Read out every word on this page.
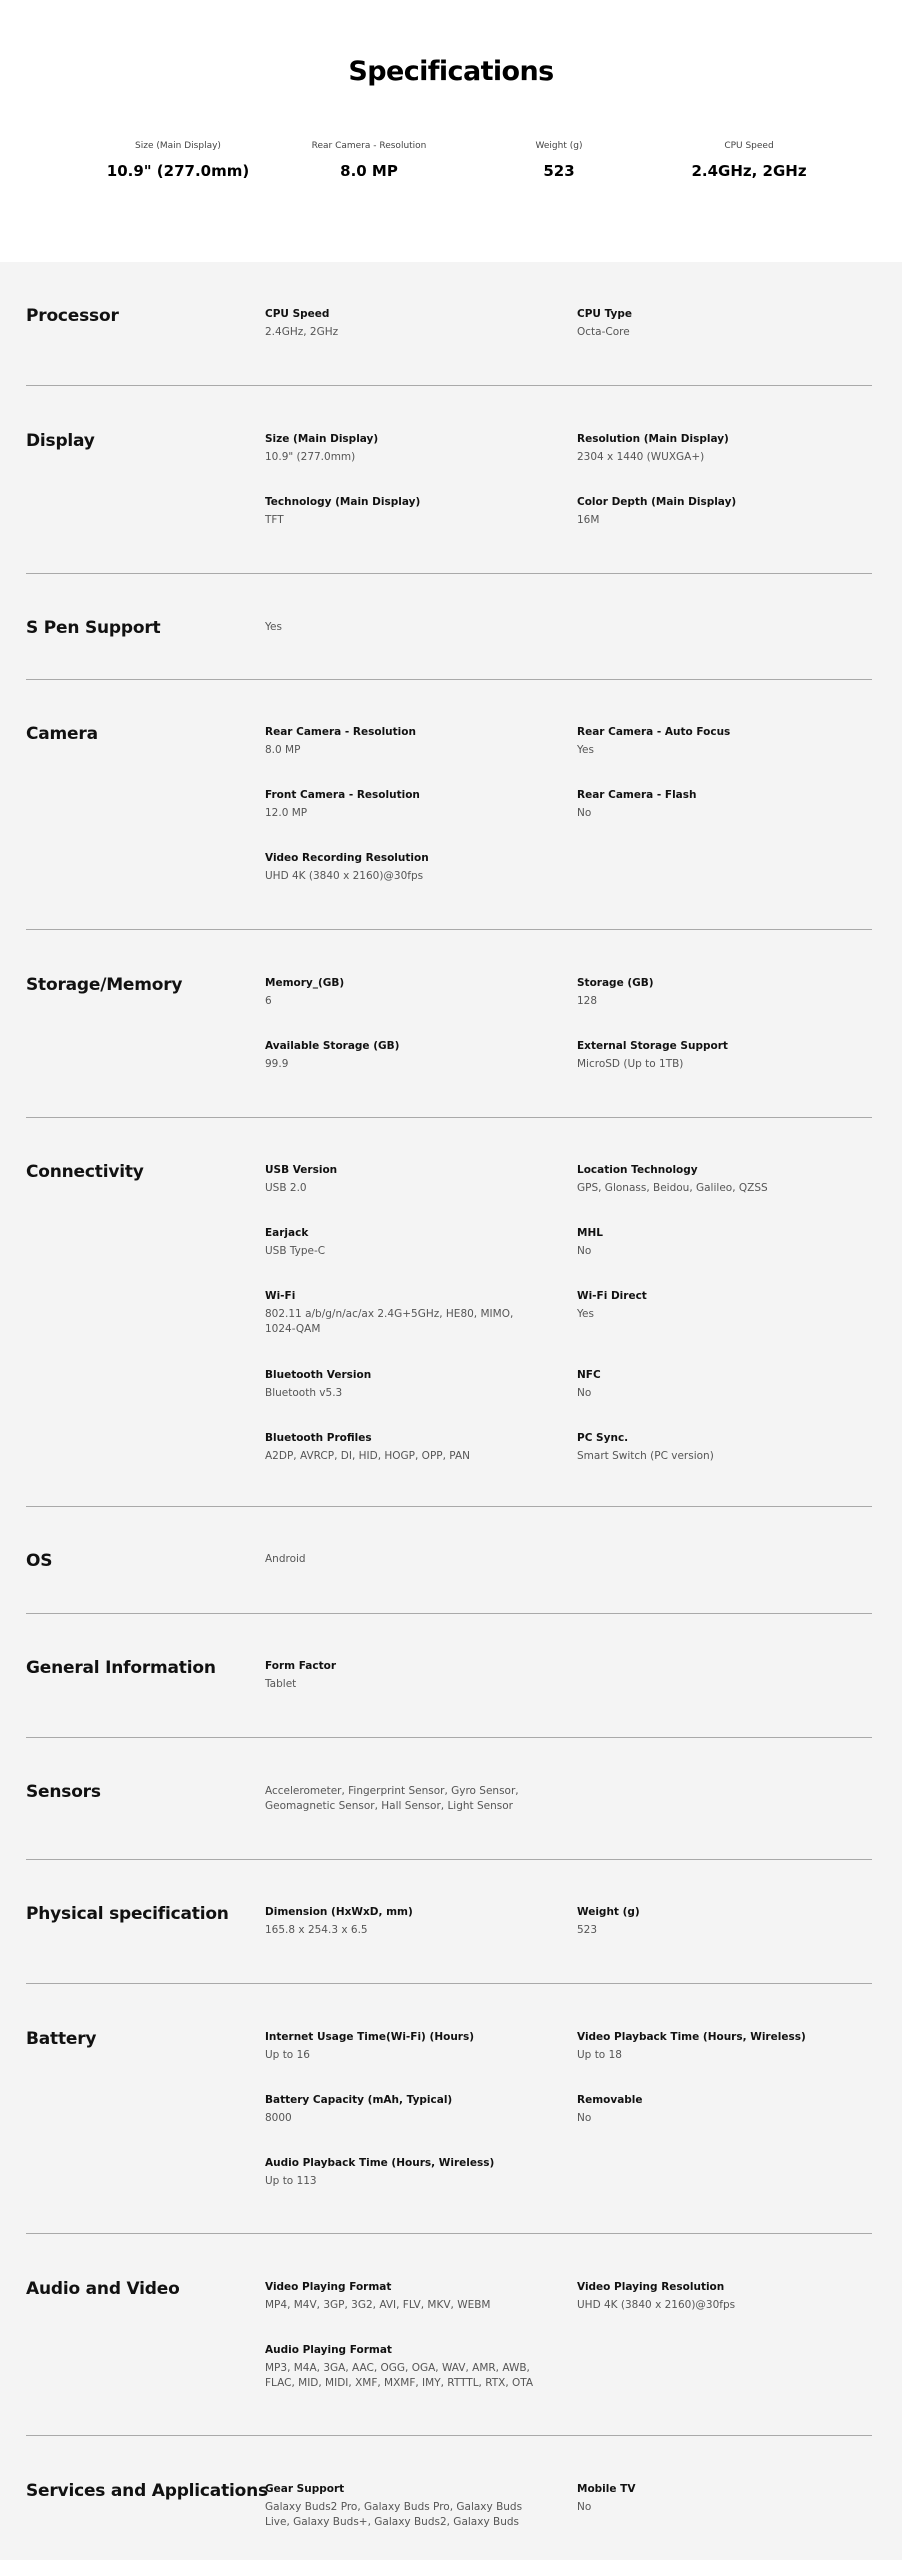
Specifications
Size (Main Display)
10.9" (277.0mm)
Rear Camera - Resolution
8.0 MP
Weight (g)
523
CPU Speed
2.4GHz, 2GHz
Processor	CPU Speed
2.4GHz, 2GHz
CPU Type
Octa-Core
Display	Size (Main Display)
10.9" (277.0mm)
Resolution (Main Display)
2304 x 1440 (WUXGA+)
Technology (Main Display)
TFT
Color Depth (Main Display)
16M
S Pen Support	Yes
Camera	Rear Camera - Resolution
8.0 MP
Rear Camera - Auto Focus
Yes
Front Camera - Resolution
12.0 MP
Rear Camera - Flash
No
Video Recording Resolution
UHD 4K (3840 x 2160)@30fps
Storage/Memory	Memory_(GB)
6
Storage (GB)
128
Available Storage (GB)
99.9
External Storage Support
MicroSD (Up to 1TB)
Connectivity	USB Version
USB 2.0
Location Technology
GPS, Glonass, Beidou, Galileo, QZSS
Earjack
USB Type-C
MHL
No
Wi-Fi
802.11 a/b/g/n/ac/ax 2.4G+5GHz, HE80, MIMO, 1024-QAM
Wi-Fi Direct
Yes
Bluetooth Version
Bluetooth v5.3
NFC
No
Bluetooth Profiles
A2DP, AVRCP, DI, HID, HOGP, OPP, PAN
PC Sync.
Smart Switch (PC version)
OS	Android
General Information	Form Factor
Tablet
Sensors	Accelerometer, Fingerprint Sensor, Gyro Sensor, Geomagnetic Sensor, Hall Sensor, Light Sensor
Physical specification	Dimension (HxWxD, mm)
165.8 x 254.3 x 6.5
Weight (g)
523
Battery	Internet Usage Time(Wi-Fi) (Hours)
Up to 16
Video Playback Time (Hours, Wireless)
Up to 18
Battery Capacity (mAh, Typical)
8000
Removable
No
Audio Playback Time (Hours, Wireless)
Up to 113
Audio and Video	Video Playing Format
MP4, M4V, 3GP, 3G2, AVI, FLV, MKV, WEBM
Video Playing Resolution
UHD 4K (3840 x 2160)@30fps
Audio Playing Format
MP3, M4A, 3GA, AAC, OGG, OGA, WAV, AMR, AWB, FLAC, MID, MIDI, XMF, MXMF, IMY, RTTTL, RTX, OTA
Services and Applications
Gear Support
Galaxy Buds2 Pro, Galaxy Buds Pro, Galaxy Buds Live, Galaxy Buds+, Galaxy Buds2, Galaxy Buds
Mobile TV
No
